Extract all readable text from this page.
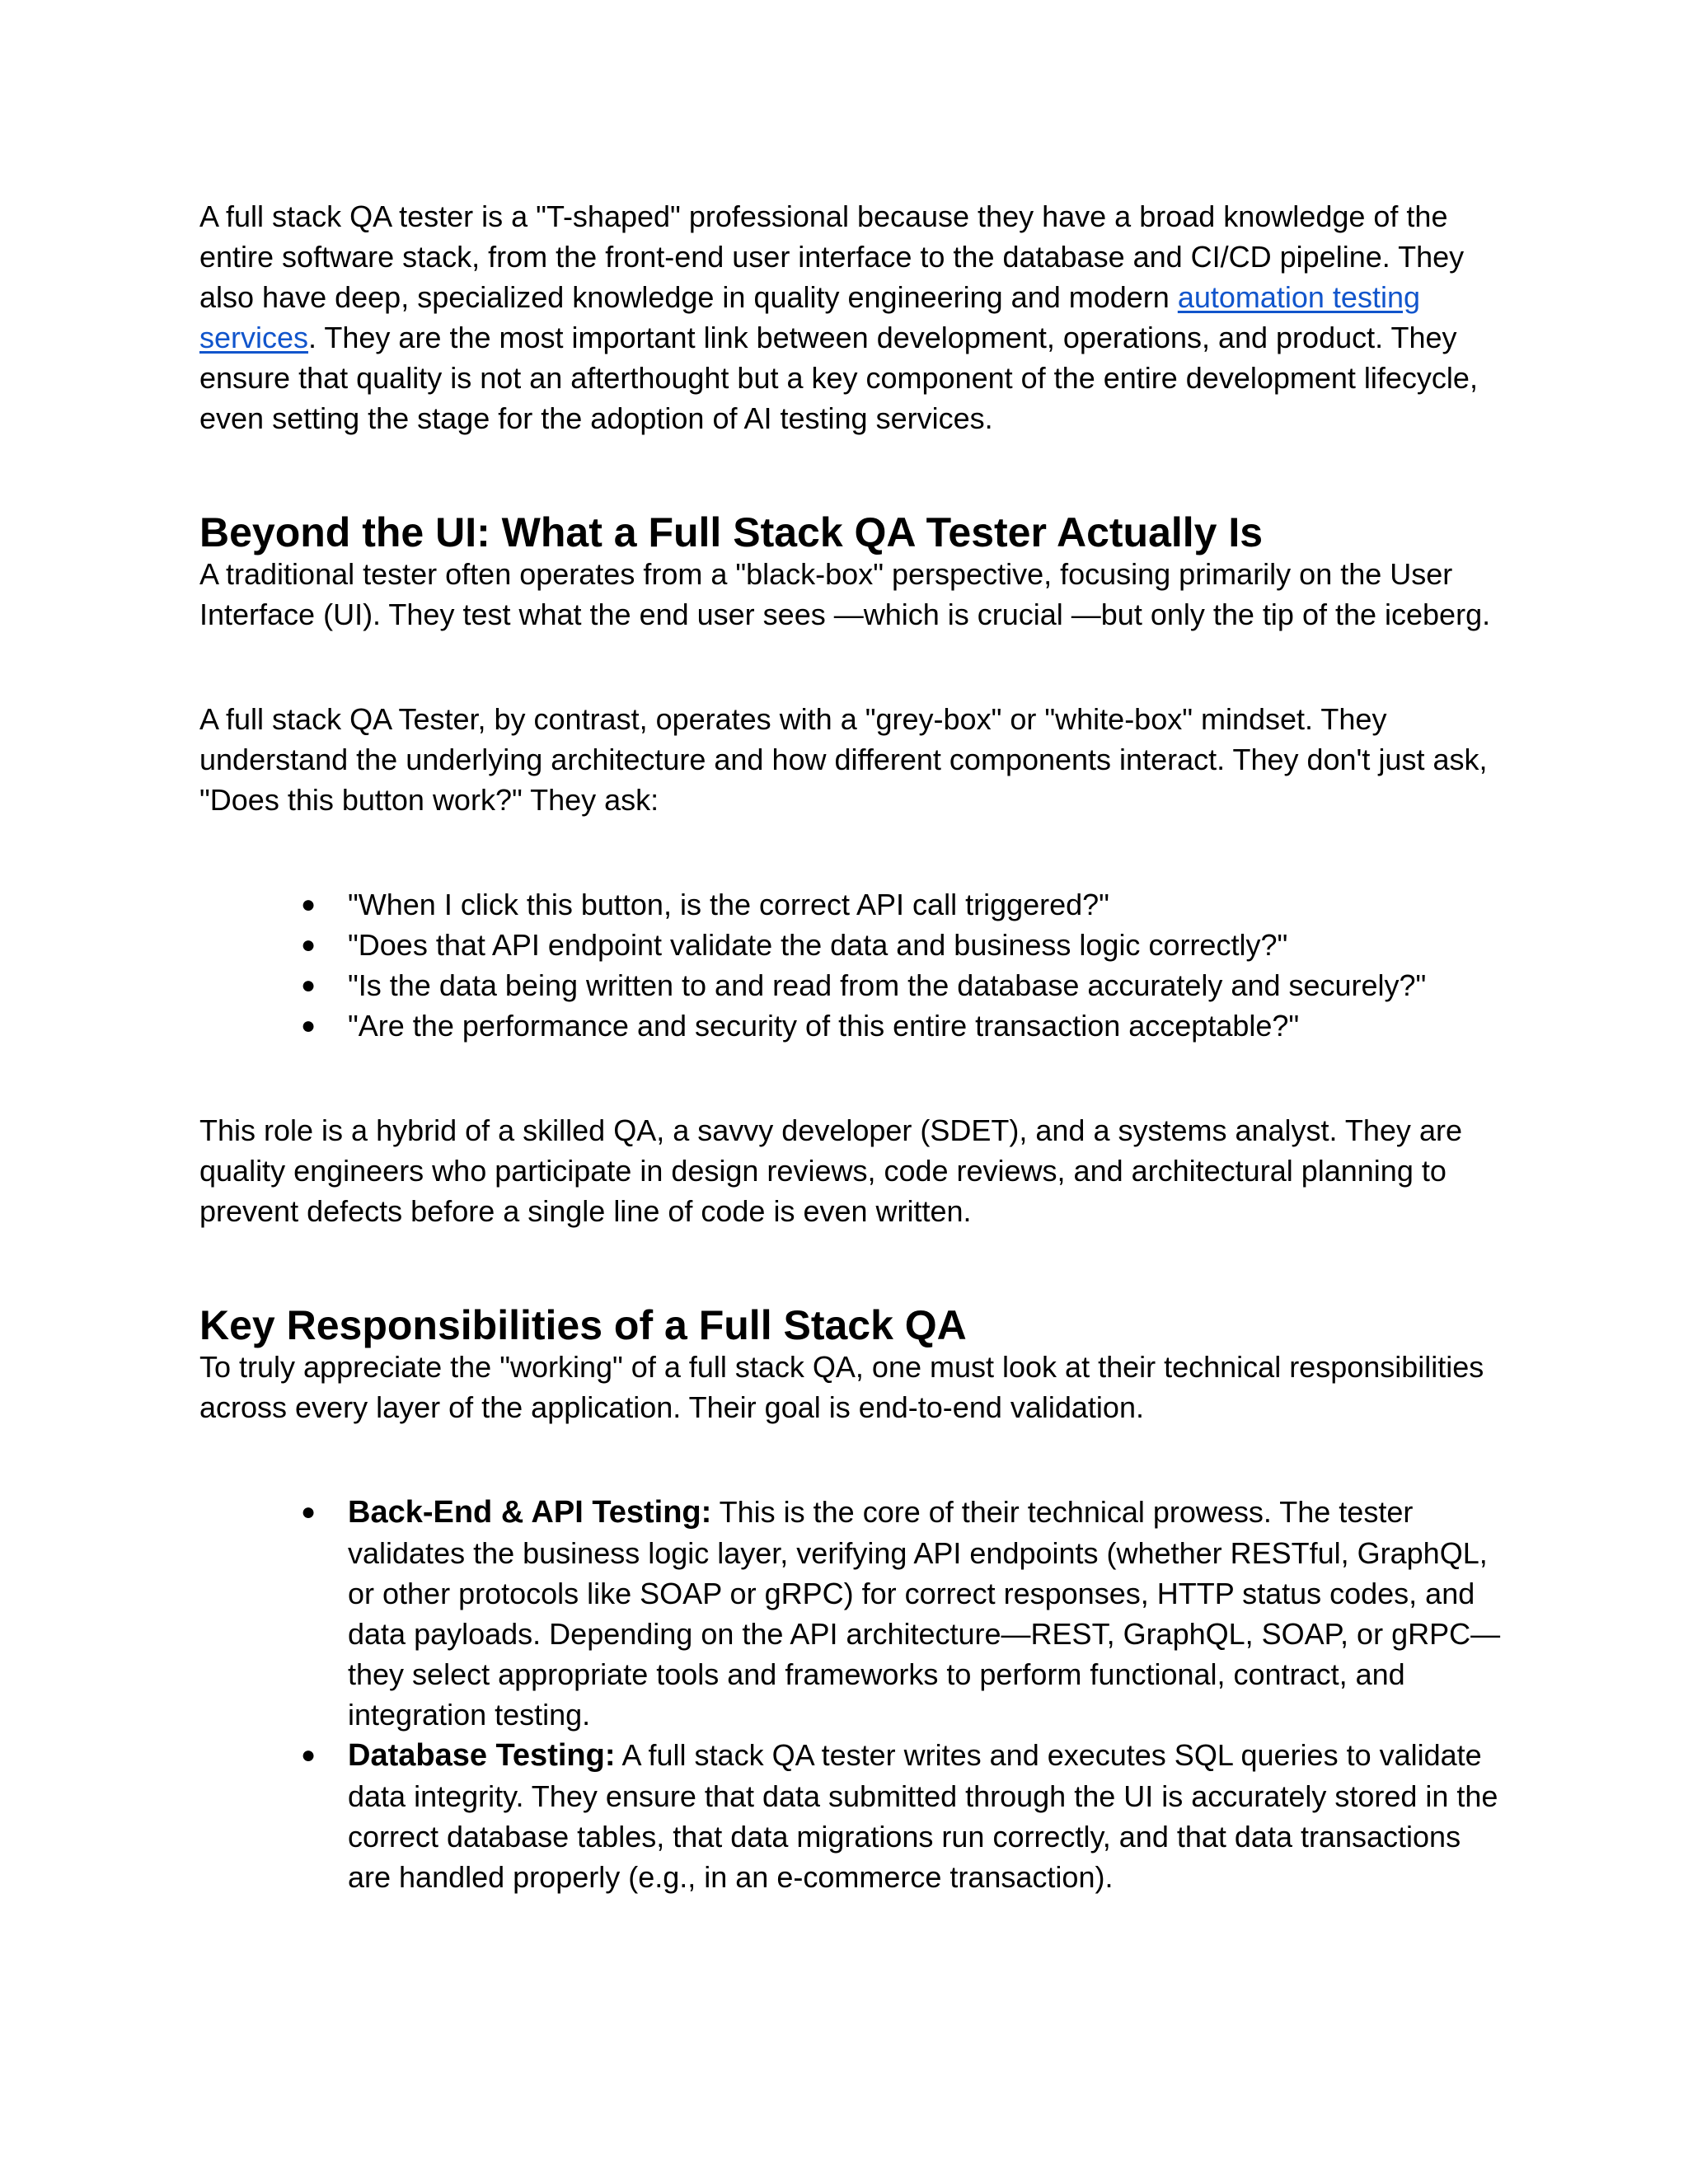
A full stack QA tester is a "T-shaped" professional because they have a broad knowledge of the entire software stack, from the front-end user interface to the database and CI/CD pipeline. They also have deep, specialized knowledge in quality engineering and modern automation testing services. They are the most important link between development, operations, and product. They ensure that quality is not an afterthought but a key component of the entire development lifecycle, even setting the stage for the adoption of AI testing services.

Beyond the UI: What a Full Stack QA Tester Actually Is

A traditional tester often operates from a "black-box" perspective, focusing primarily on the User Interface (UI). They test what the end user sees —which is crucial —but only the tip of the iceberg.

A full stack QA Tester, by contrast, operates with a "grey-box" or "white-box" mindset. They understand the underlying architecture and how different components interact. They don't just ask, "Does this button work?" They ask:

● "When I click this button, is the correct API call triggered?"
● "Does that API endpoint validate the data and business logic correctly?"
● "Is the data being written to and read from the database accurately and securely?"
● "Are the performance and security of this entire transaction acceptable?"

This role is a hybrid of a skilled QA, a savvy developer (SDET), and a systems analyst. They are quality engineers who participate in design reviews, code reviews, and architectural planning to prevent defects before a single line of code is even written.

Key Responsibilities of a Full Stack QA

To truly appreciate the "working" of a full stack QA, one must look at their technical responsibilities across every layer of the application. Their goal is end-to-end validation.

● Back-End & API Testing: This is the core of their technical prowess. The tester validates the business logic layer, verifying API endpoints (whether RESTful, GraphQL, or other protocols like SOAP or gRPC) for correct responses, HTTP status codes, and data payloads. Depending on the API architecture—REST, GraphQL, SOAP, or gRPC—they select appropriate tools and frameworks to perform functional, contract, and integration testing.
● Database Testing: A full stack QA tester writes and executes SQL queries to validate data integrity. They ensure that data submitted through the UI is accurately stored in the correct database tables, that data migrations run correctly, and that data transactions are handled properly (e.g., in an e-commerce transaction).
